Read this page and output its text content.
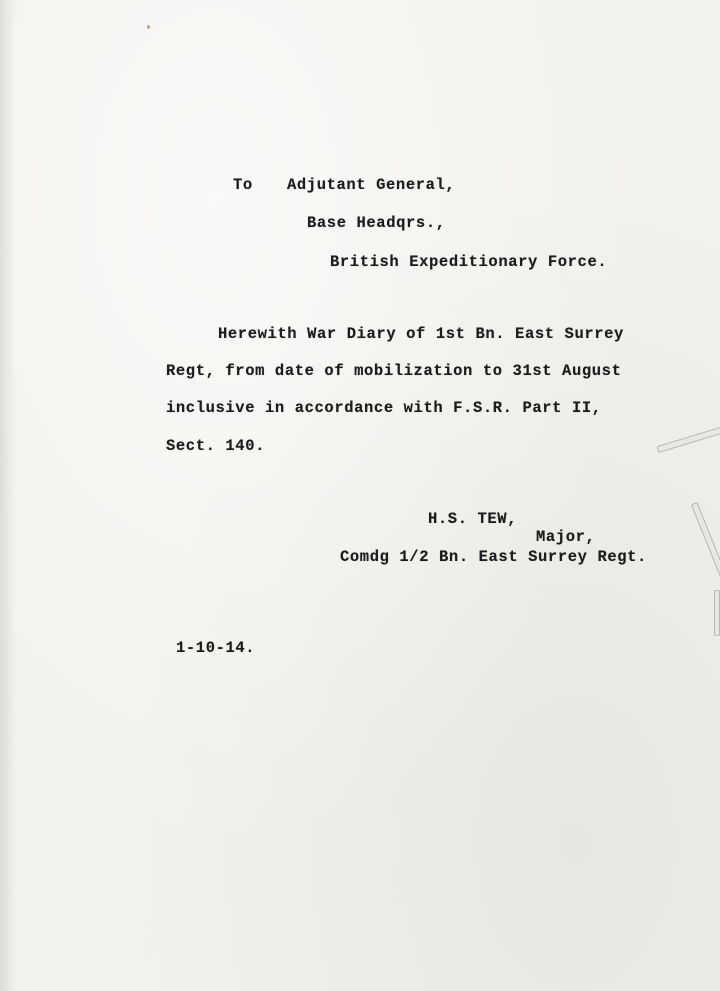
To Adjutant General,

Base Headqrs.,

British Expeditionary Force.

Herewith War Diary of 1st Bn. East Surrey

Regt, from date of mobilization to 31st August

inclusive in accordance with F.S.R. Part II,

Sect. 140.

H.S. TEW,

Major,

Comdg 1/2 Bn. East Surrey Regt.

1-10-14.
